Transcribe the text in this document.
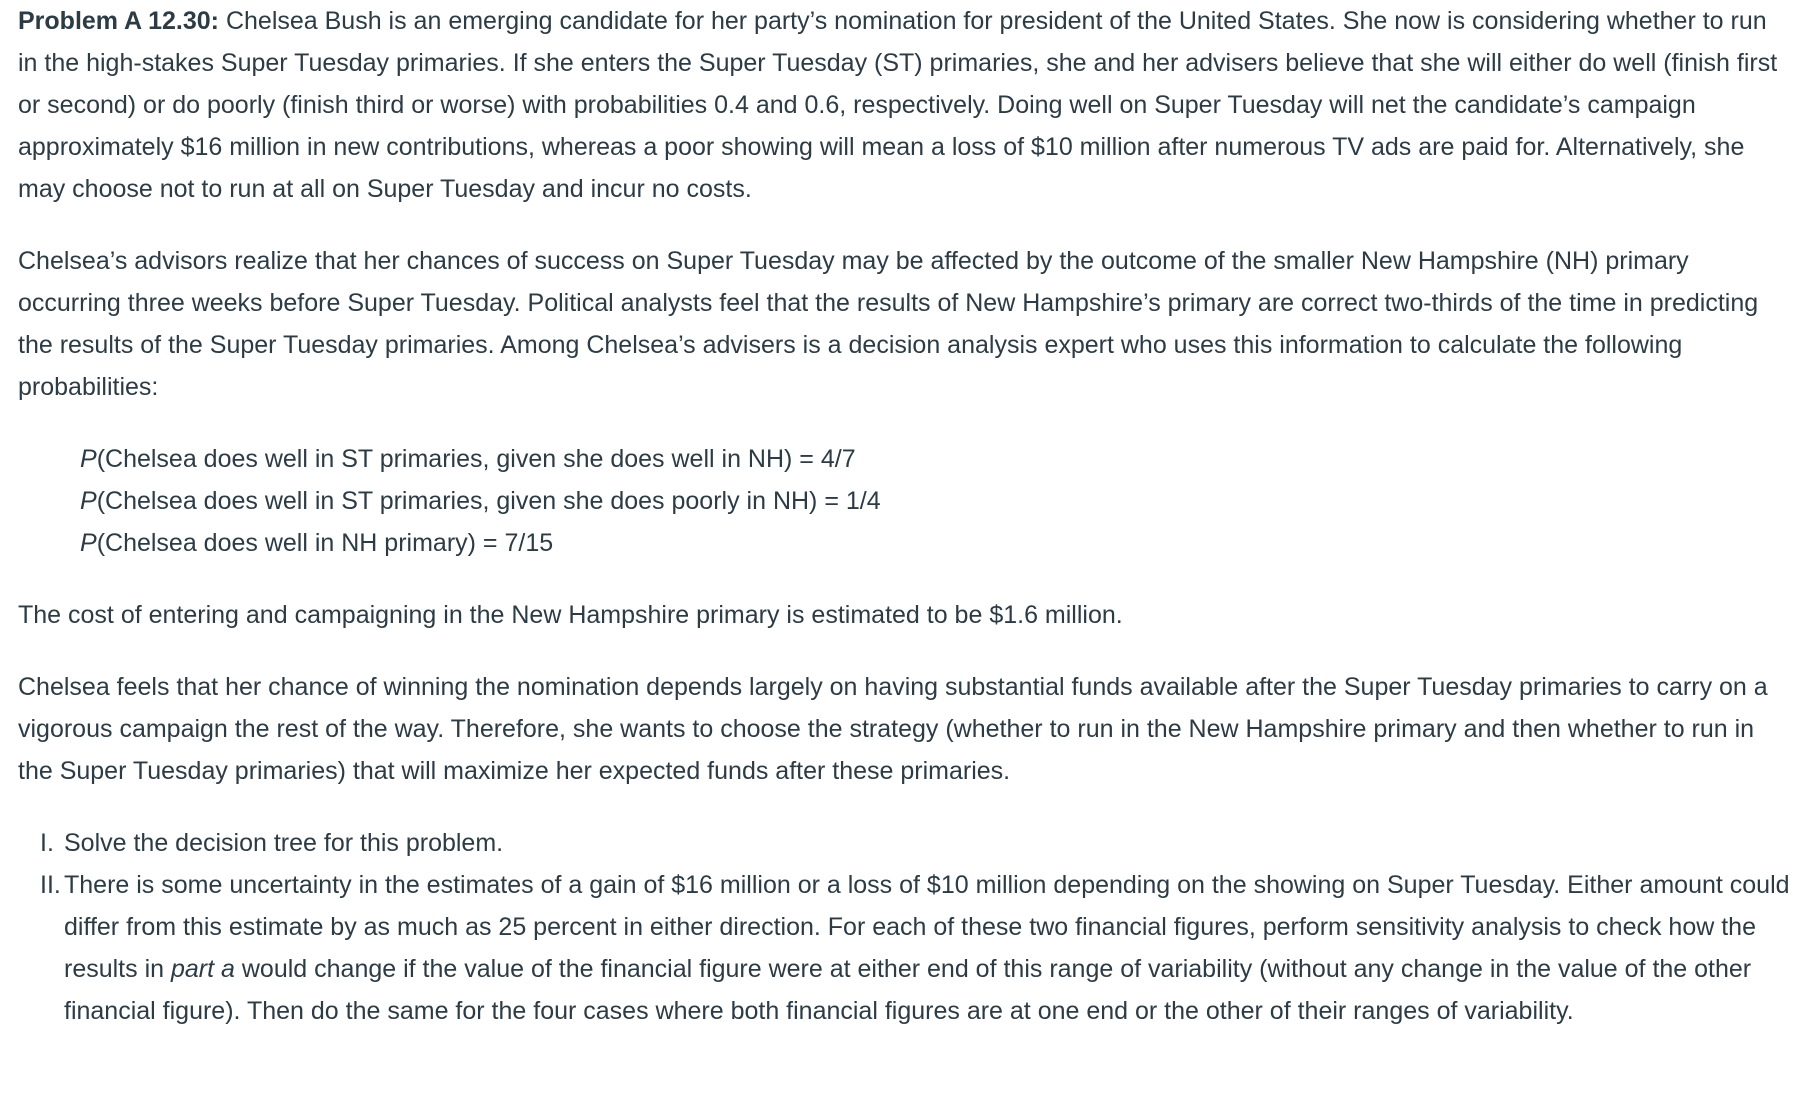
Problem A 12.30: Chelsea Bush is an emerging candidate for her party’s nomination for president of the United States. She now is considering whether to run in the high-stakes Super Tuesday primaries. If she enters the Super Tuesday (ST) primaries, she and her advisers believe that she will either do well (finish first or second) or do poorly (finish third or worse) with probabilities 0.4 and 0.6, respectively. Doing well on Super Tuesday will net the candidate’s campaign approximately $16 million in new contributions, whereas a poor showing will mean a loss of $10 million after numerous TV ads are paid for. Alternatively, she may choose not to run at all on Super Tuesday and incur no costs.

Chelsea’s advisors realize that her chances of success on Super Tuesday may be affected by the outcome of the smaller New Hampshire (NH) primary occurring three weeks before Super Tuesday. Political analysts feel that the results of New Hampshire’s primary are correct two-thirds of the time in predicting the results of the Super Tuesday primaries. Among Chelsea’s advisers is a decision analysis expert who uses this information to calculate the following probabilities:

P(Chelsea does well in ST primaries, given she does well in NH) = 4/7
P(Chelsea does well in ST primaries, given she does poorly in NH) = 1/4
P(Chelsea does well in NH primary) = 7/15

The cost of entering and campaigning in the New Hampshire primary is estimated to be $1.6 million.

Chelsea feels that her chance of winning the nomination depends largely on having substantial funds available after the Super Tuesday primaries to carry on a vigorous campaign the rest of the way. Therefore, she wants to choose the strategy (whether to run in the New Hampshire primary and then whether to run in the Super Tuesday primaries) that will maximize her expected funds after these primaries.

I. Solve the decision tree for this problem.
II. There is some uncertainty in the estimates of a gain of $16 million or a loss of $10 million depending on the showing on Super Tuesday. Either amount could differ from this estimate by as much as 25 percent in either direction. For each of these two financial figures, perform sensitivity analysis to check how the results in part a would change if the value of the financial figure were at either end of this range of variability (without any change in the value of the other financial figure). Then do the same for the four cases where both financial figures are at one end or the other of their ranges of variability.
